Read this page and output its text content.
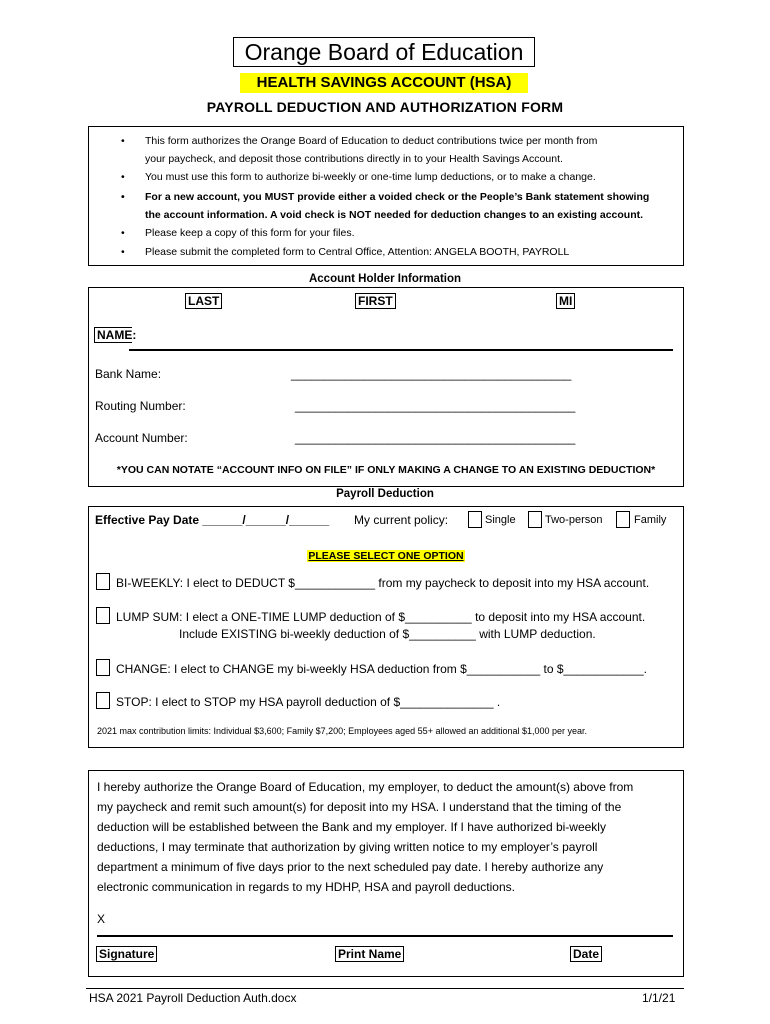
Orange Board of Education
HEALTH SAVINGS ACCOUNT (HSA)
PAYROLL DEDUCTION AND AUTHORIZATION FORM
• This form authorizes the Orange Board of Education to deduct contributions twice per month from
your paycheck, and deposit those contributions directly in to your Health Savings Account.
• You must use this form to authorize bi-weekly or one-time lump deductions, or to make a change.
• For a new account, you MUST provide either a voided check or the People’s Bank statement showing
the account information. A void check is NOT needed for deduction changes to an existing account.
• Please keep a copy of this form for your files.
• Please submit the completed form to Central Office, Attention: ANGELA BOOTH, PAYROLL
Account Holder Information
LAST	FIRST	MI
NAME:
Bank Name:	__________________________________________
Routing Number:	__________________________________________
Account Number:	__________________________________________
*YOU CAN NOTATE “ACCOUNT INFO ON FILE” IF ONLY MAKING A CHANGE TO AN EXISTING DEDUCTION*
Payroll Deduction
Effective Pay Date ______/______/______ My current policy:	Single	Two-person	Family
PLEASE SELECT ONE OPTION
BI-WEEKLY: I elect to DEDUCT $____________ from my paycheck to deposit into my HSA account.
LUMP SUM: I elect a ONE-TIME LUMP deduction of $__________ to deposit into my HSA account.
Include EXISTING bi-weekly deduction of $__________ with LUMP deduction.
CHANGE: I elect to CHANGE my bi-weekly HSA deduction from $___________ to $____________.
STOP: I elect to STOP my HSA payroll deduction of $______________ .
2021 max contribution limits: Individual $3,600; Family $7,200; Employees aged 55+ allowed an additional $1,000 per year.
I hereby authorize the Orange Board of Education, my employer, to deduct the amount(s) above from
my paycheck and remit such amount(s) for deposit into my HSA. I understand that the timing of the
deduction will be established between the Bank and my employer. If I have authorized bi-weekly
deductions, I may terminate that authorization by giving written notice to my employer’s payroll
department a minimum of five days prior to the next scheduled pay date. I hereby authorize any
electronic communication in regards to my HDHP, HSA and payroll deductions.
X
Signature	Print Name	Date
HSA 2021 Payroll Deduction Auth.docx	1/1/21
